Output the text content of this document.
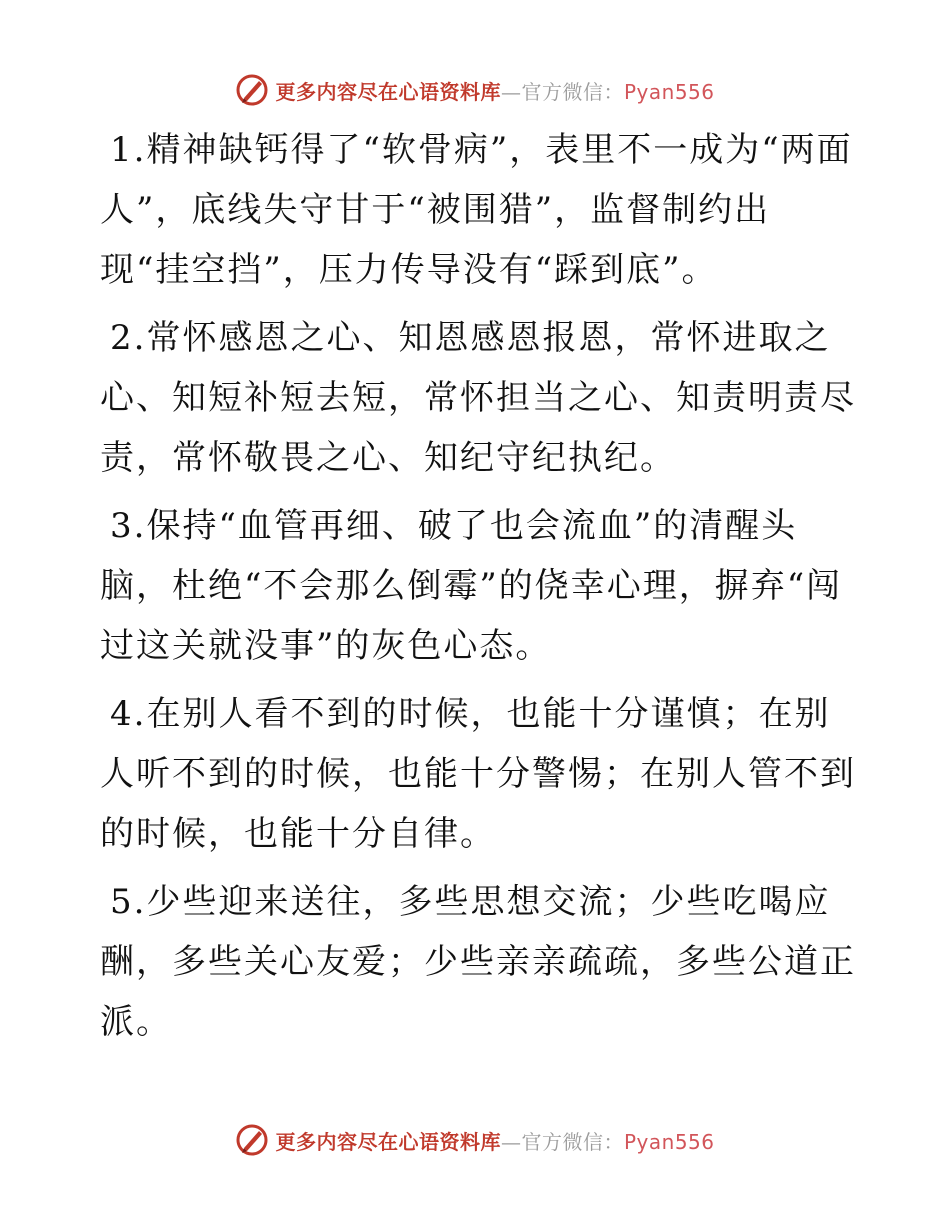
更多内容尽在心语资料库—官方微信：Pyan556

1.精神缺钙得了“软骨病”，表里不一成为“两面人”，底线失守甘于“被围猎”，监督制约出现“挂空挡”，压力传导没有“踩到底”。

2.常怀感恩之心、知恩感恩报恩，常怀进取之心、知短补短去短，常怀担当之心、知责明责尽责，常怀敬畏之心、知纪守纪执纪。

3.保持“血管再细、破了也会流血”的清醒头脑，杜绝“不会那么倒霉”的侥幸心理，摒弃“闯过这关就没事”的灰色心态。

4.在别人看不到的时候，也能十分谨慎；在别人听不到的时候，也能十分警惕；在别人管不到的时候，也能十分自律。

5.少些迎来送往，多些思想交流；少些吃喝应酬，多些关心友爱；少些亲亲疏疏，多些公道正派。

更多内容尽在心语资料库—官方微信：Pyan556
